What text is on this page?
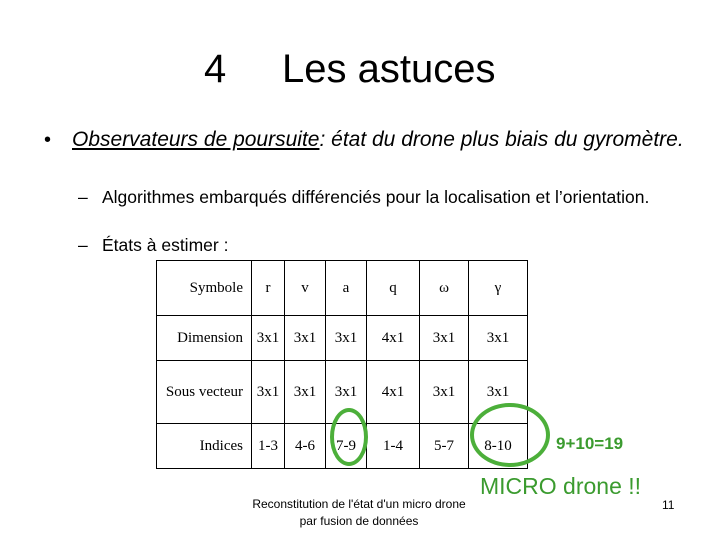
4 Les astuces
• Observateurs de poursuite: état du drone plus biais du gyromètre.
– Algorithmes embarqués différenciés pour la localisation et l’orientation.
– États à estimer :
Symbole	r	v	a	q	ω	γ
Dimension	3x1	3x1	3x1	4x1	3x1	3x1
Sous vecteur	3x1	3x1	3x1	4x1	3x1	3x1
Indices	1-3	4-6	7-9	1-4	5-7	8-10	9+10=19
MICRO drone !!
Reconstitution de l'état d'un micro drone par fusion de données
11
